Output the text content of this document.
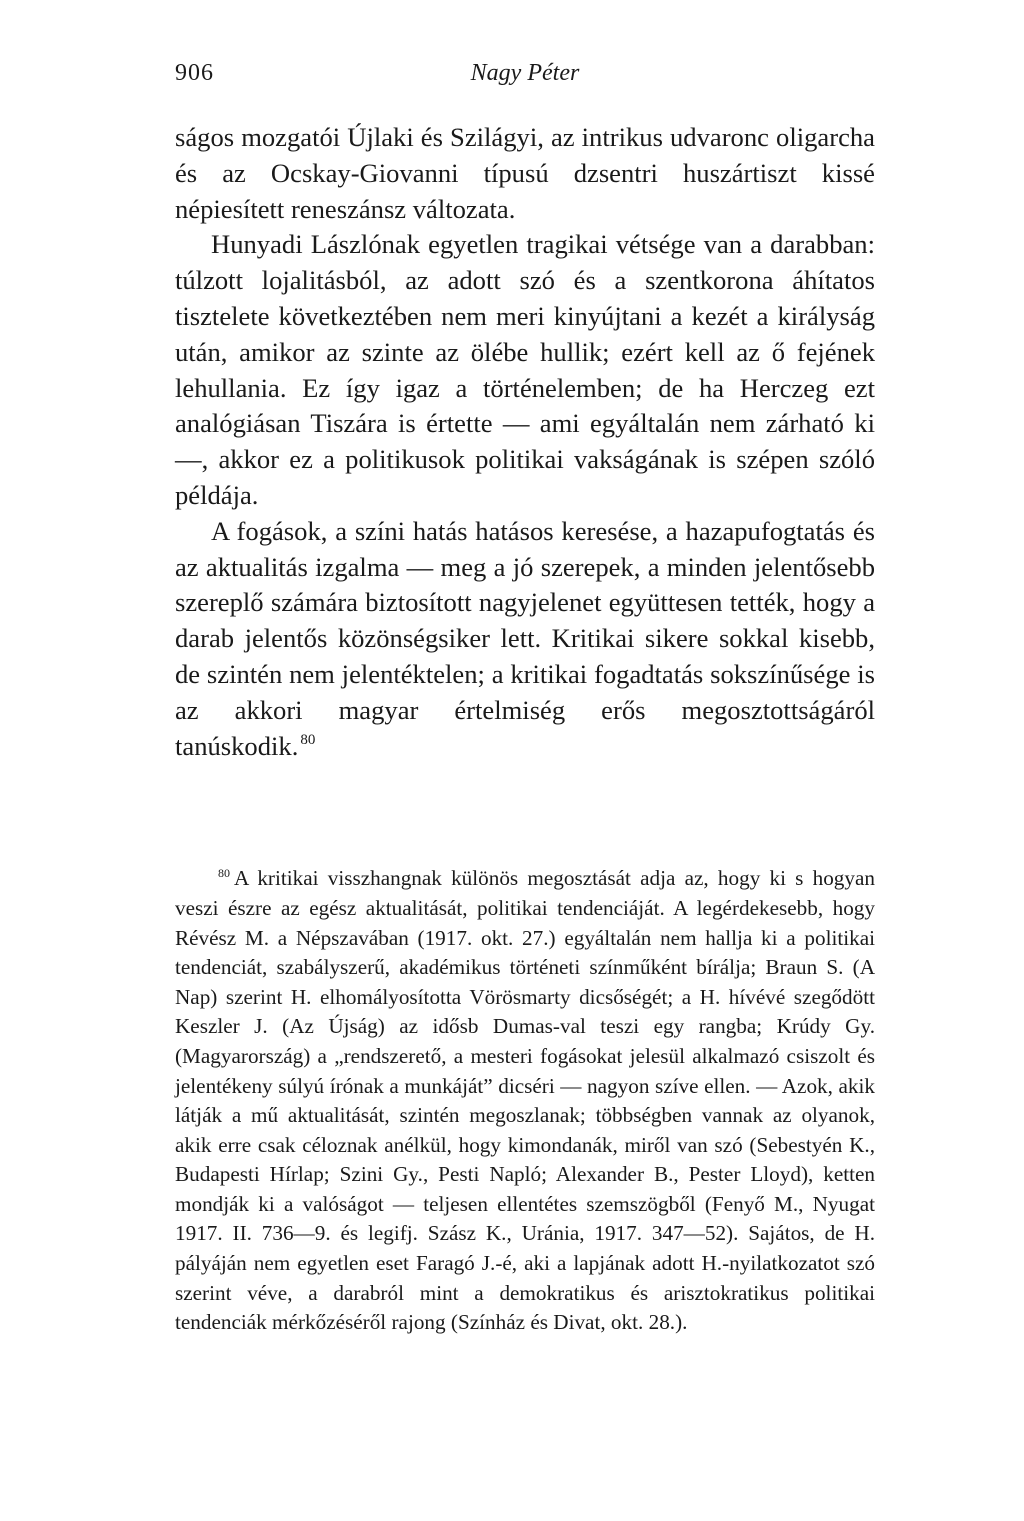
906	Nagy Péter

ságos mozgatói Újlaki és Szilágyi, az intrikus udvaronc oligarcha és az Ocskay-Giovanni típusú dzsentri huszártiszt kissé népiesített reneszánsz változata.

Hunyadi Lászlónak egyetlen tragikai vétsége van a darabban: túlzott lojalitásból, az adott szó és a szentkorona áhítatos tisztelete következtében nem meri kinyújtani a kezét a királyság után, amikor az szinte az ölébe hullik; ezért kell az ő fejének lehullania. Ez így igaz a történelemben; de ha Herczeg ezt analógiásan Tiszára is értette — ami egyáltalán nem zárható ki —, akkor ez a politikusok politikai vakságának is szépen szóló példája.

A fogások, a színi hatás hatásos keresése, a hazapufogtatás és az aktualitás izgalma — meg a jó szerepek, a minden jelentősebb szereplő számára biztosított nagyjelenet együttesen tették, hogy a darab jelentős közönségsiker lett. Kritikai sikere sokkal kisebb, de szintén nem jelentéktelen; a kritikai fogadtatás sokszínűsége is az akkori magyar értelmiség erős megosztottságáról tanúskodik. $^{80}$

$^{80}$ A kritikai visszhangnak különös megosztását adja az, hogy ki s hogyan veszi észre az egész aktualitását, politikai tendenciáját. A legérdekesebb, hogy Révész M. a Népszavában (1917. okt. 27.) egyáltalán nem hallja ki a politikai tendenciát, szabályszerű, akadémikus történeti színműként bírálja; Braun S. (A Nap) szerint H. elhomályosította Vörösmarty dicsőségét; a H. hívévé szegődött Keszler J. (Az Újság) az idősb Dumas-val teszi egy rangba; Krúdy Gy. (Magyarország) a „rendszerető, a mesteri fogásokat jelesül alkalmazó csiszolt és jelentékeny súlyú írónak a munkáját” dicséri — nagyon szíve ellen. — Azok, akik látják a mű aktualitását, szintén megoszlanak; többségben vannak az olyanok, akik erre csak céloznak anélkül, hogy kimondanák, miről van szó (Sebestyén K., Budapesti Hírlap; Szini Gy., Pesti Napló; Alexander B., Pester Lloyd), ketten mondják ki a valóságot — teljesen ellentétes szemszögből (Fenyő M., Nyugat 1917. II. 736—9. és legifj. Szász K., Uránia, 1917. 347—52). Sajátos, de H. pályáján nem egyetlen eset Faragó J.-é, aki a lapjának adott H.-nyilatkozatot szó szerint véve, a darabról mint a demokratikus és arisztokratikus politikai tendenciák mérkőzéséről rajong (Színház és Divat, okt. 28.).
